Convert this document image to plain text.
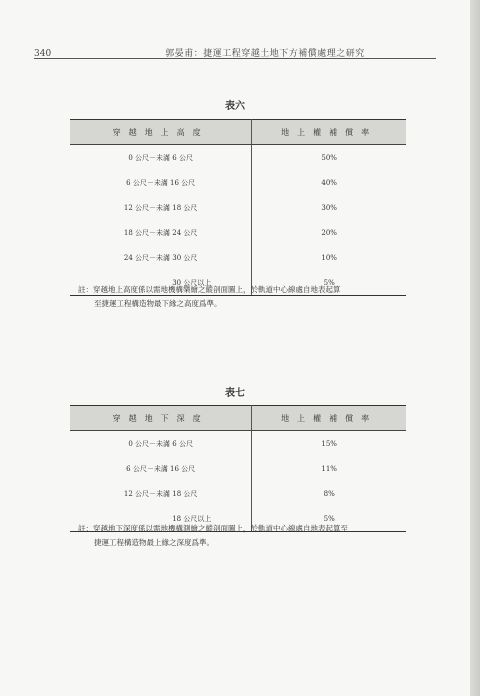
340	郭晏甫：捷運工程穿越土地下方補償處理之研究
表六
穿越地上高度	地上權補償率
0 公尺－未滿 6 公尺	50%
6 公尺－未滿 16 公尺	40%
12 公尺－未滿 18 公尺	30%
18 公尺－未滿 24 公尺	20%
24 公尺－未滿 30 公尺	10%
30 公尺以上	5%
註：穿越地上高度係以需地機構樂繪之縱剖面圖上，於軌道中心線處自地表起算
至捷運工程構造物最下緣之高度爲準。
表七
穿越地下深度	地上權補償率
0 公尺－未滿 6 公尺	15%
6 公尺－未滿 16 公尺	11%
12 公尺－未滿 18 公尺	8%
18 公尺以上	5%
註：穿越地下深度係以需地機構測繪之縱剖面圖上，於軌道中心線處自地表起算至
捷運工程構造物最上緣之深度爲準。
